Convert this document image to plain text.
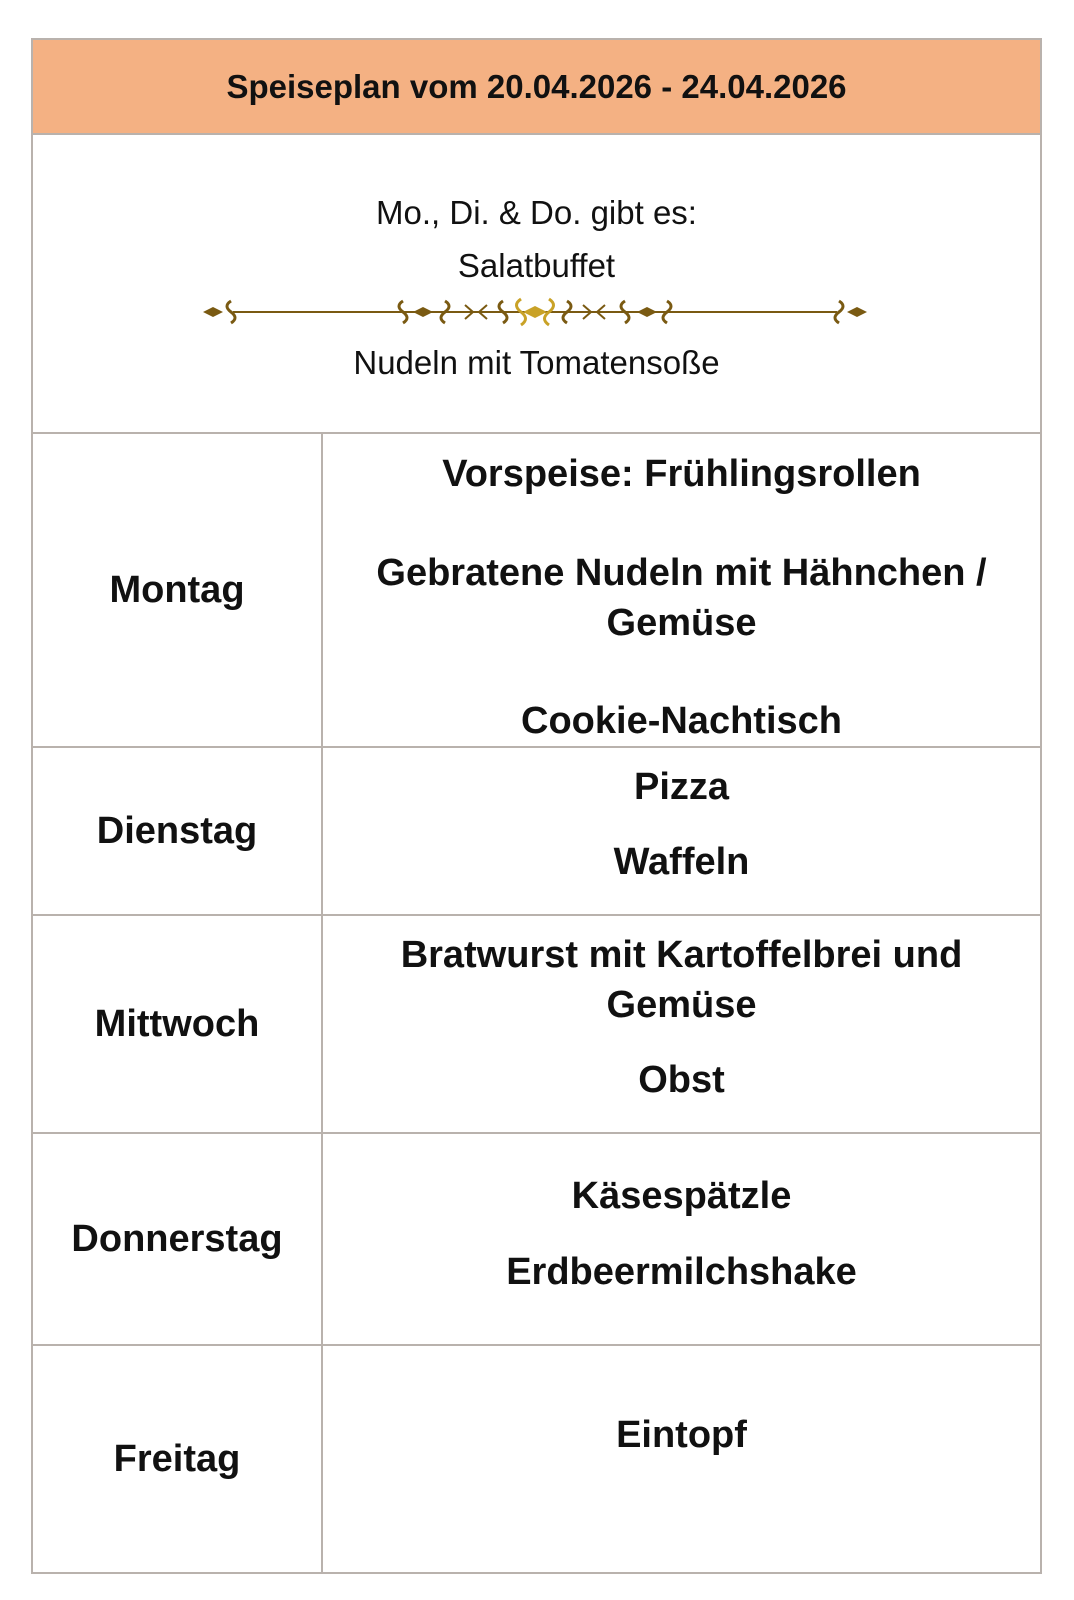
Speiseplan vom 20.04.2026 - 24.04.2026
Mo., Di. & Do. gibt es:
Salatbuffet
Nudeln mit Tomatensoße
Montag
Vorspeise: Frühlingsrollen
Gebratene Nudeln mit Hähnchen / Gemüse
Cookie-Nachtisch
Dienstag
Pizza
Waffeln
Mittwoch
Bratwurst mit Kartoffelbrei und Gemüse
Obst
Donnerstag
Käsespätzle
Erdbeermilchshake
Freitag
Eintopf
